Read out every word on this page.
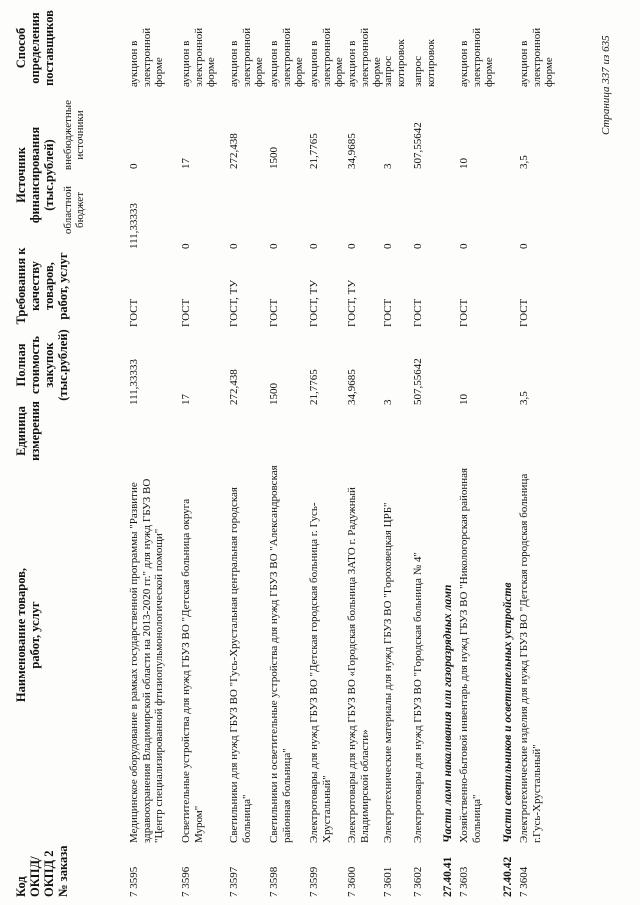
Код ОКПД/ ОКПД 2 № заказа
Наименование товаров, работ, услуг
Единица измерения
Полная стоимость закупок (тыс.рублей)
Требования к качеству товаров, работ, услуг
Источник финансирования (тыс.рублей) областной
бюджет
внебюджетные
источники
Способ определения поставщиков
7 3595
Медицинское оборудование в рамках государственной программы "Развитие здравоохранения Владимирской области на 2013-2020 гг." для нужд ГБУЗ ВО "Центр специализированной фтизиопульмонологической помощи"
111,33333
ГОСТ
111,33333
0
аукцион в электронной форме
7 3596
Осветительные устройства для нужд ГБУЗ ВО "Детская больница округа Муром"
17
ГОСТ
0
17
аукцион в электронной форме
7 3597
Светильники для нужд ГБУЗ ВО "Гусь-Хрустальная центральная городская больница"
272,438
ГОСТ, ТУ
0
272,438
аукцион в электронной форме
7 3598
Светильники и осветительные устройства для нужд ГБУЗ ВО "Александровская районная больница"
1500
ГОСТ
0
1500
аукцион в электронной форме
7 3599
Электротовары для нужд ГБУЗ ВО "Детская городская больница г. Гусь-Хрустальный"
21,7765
ГОСТ, ТУ
0
21,7765
аукцион в электронной форме
7 3600
Электротовары для нужд ГБУЗ ВО «Городская больница ЗАТО г. Радужный Владимирской области»
34,9685
ГОСТ, ТУ
0
34,9685
аукцион в электронной форме
7 3601
Электротехнические материалы для нужд ГБУЗ ВО "Гороховецкая ЦРБ"
3
ГОСТ
0
3
запрос котировок
7 3602
Электротовары для нужд ГБУЗ ВО "Городская больница № 4"
507,55642
ГОСТ
0
507,55642
запрос котировок
27.40.41Части ламп накаливания или газоразрядных ламп
7 3603
Хозяйственно-бытовой инвентарь для нужд ГБУЗ ВО "Никологорская районная больница"
10
ГОСТ
0
10
аукцион в электронной форме
27.40.42Части светильников и осветительных устройств
7 3604
Электротехнические изделия для нужд ГБУЗ ВО "Детская городская больница г.Гусь-Хрустальный"
3,5
ГОСТ
0
3,5
аукцион в электронной форме	Страница 337 из 635
